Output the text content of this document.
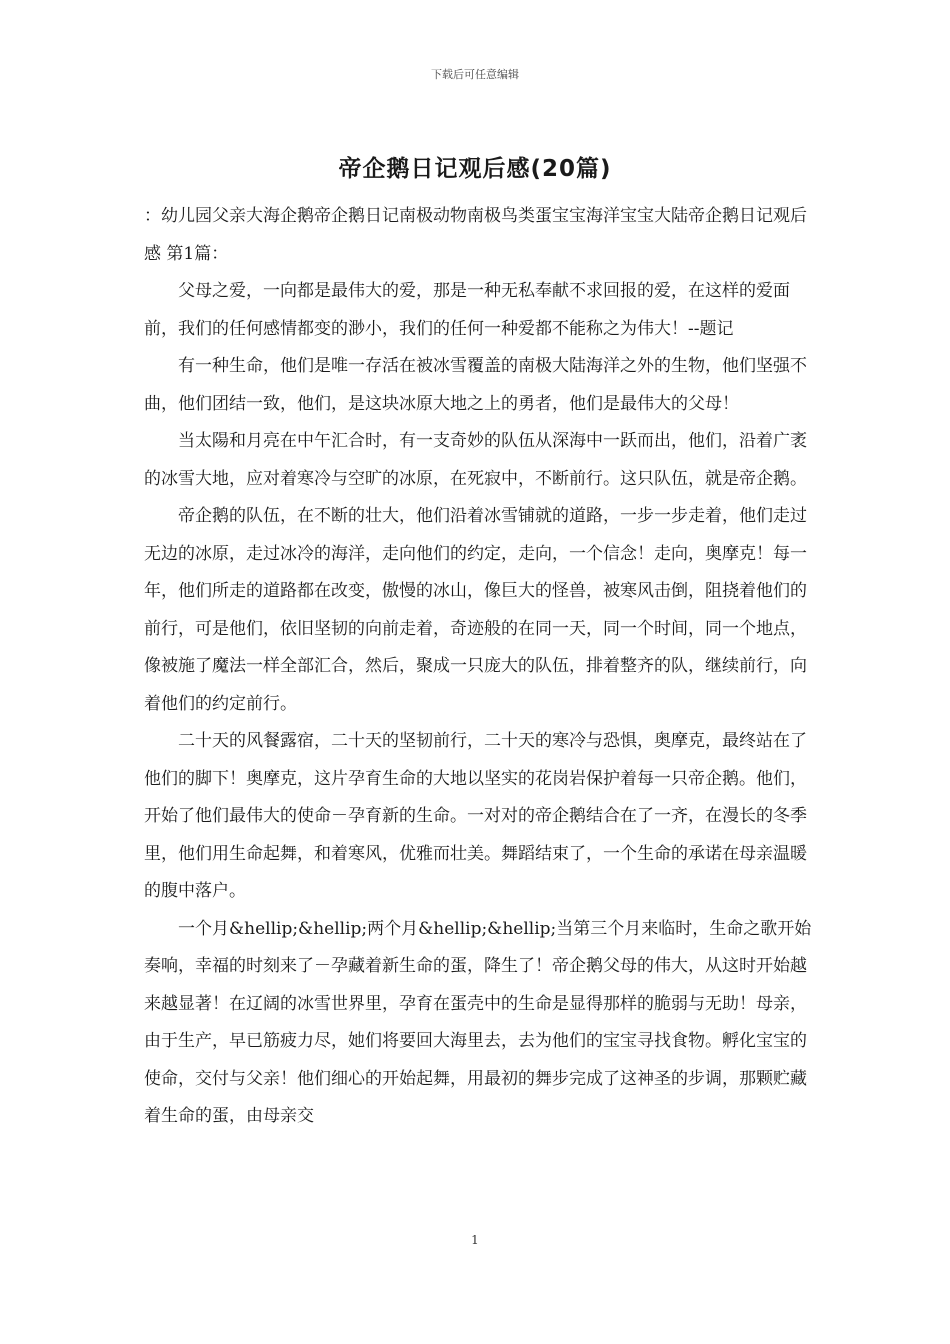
下载后可任意编辑
帝企鹅日记观后感(20篇)

：幼儿园父亲大海企鹅帝企鹅日记南极动物南极鸟类蛋宝宝海洋宝宝大陆帝企鹅日记观后感 第1篇：

父母之爱，一向都是最伟大的爱，那是一种无私奉献不求回报的爱，在这样的爱面前，我们的任何感情都变的渺小，我们的任何一种爱都不能称之为伟大！--题记

有一种生命，他们是唯一存活在被冰雪覆盖的南极大陆海洋之外的生物，他们坚强不曲，他们团结一致，他们，是这块冰原大地之上的勇者，他们是最伟大的父母！

当太陽和月亮在中午汇合时，有一支奇妙的队伍从深海中一跃而出，他们，沿着广袤的冰雪大地，应对着寒冷与空旷的冰原，在死寂中，不断前行。这只队伍，就是帝企鹅。

帝企鹅的队伍，在不断的壮大，他们沿着冰雪铺就的道路，一步一步走着，他们走过无边的冰原，走过冰冷的海洋，走向他们的约定，走向，一个信念！走向，奥摩克！每一年，他们所走的道路都在改变，傲慢的冰山，像巨大的怪兽，被寒风击倒，阻挠着他们的前行，可是他们，依旧坚韧的向前走着，奇迹般的在同一天，同一个时间，同一个地点，像被施了魔法一样全部汇合，然后，聚成一只庞大的队伍，排着整齐的队，继续前行，向着他们的约定前行。

二十天的风餐露宿，二十天的坚韧前行，二十天的寒冷与恐惧，奥摩克，最终站在了他们的脚下！奥摩克，这片孕育生命的大地以坚实的花岗岩保护着每一只帝企鹅。他们，开始了他们最伟大的使命－孕育新的生命。一对对的帝企鹅结合在了一齐，在漫长的冬季里，他们用生命起舞，和着寒风，优雅而壮美。舞蹈结束了，一个生命的承诺在母亲温暖的腹中落户。

一个月&hellip;&hellip;两个月&hellip;&hellip;当第三个月来临时，生命之歌开始奏响，幸福的时刻来了－孕藏着新生命的蛋，降生了！帝企鹅父母的伟大，从这时开始越来越显著！在辽阔的冰雪世界里，孕育在蛋壳中的生命是显得那样的脆弱与无助！母亲，由于生产，早已筋疲力尽，她们将要回大海里去，去为他们的宝宝寻找食物。孵化宝宝的使命，交付与父亲！他们细心的开始起舞，用最初的舞步完成了这神圣的步调，那颗贮藏着生命的蛋，由母亲交

1
